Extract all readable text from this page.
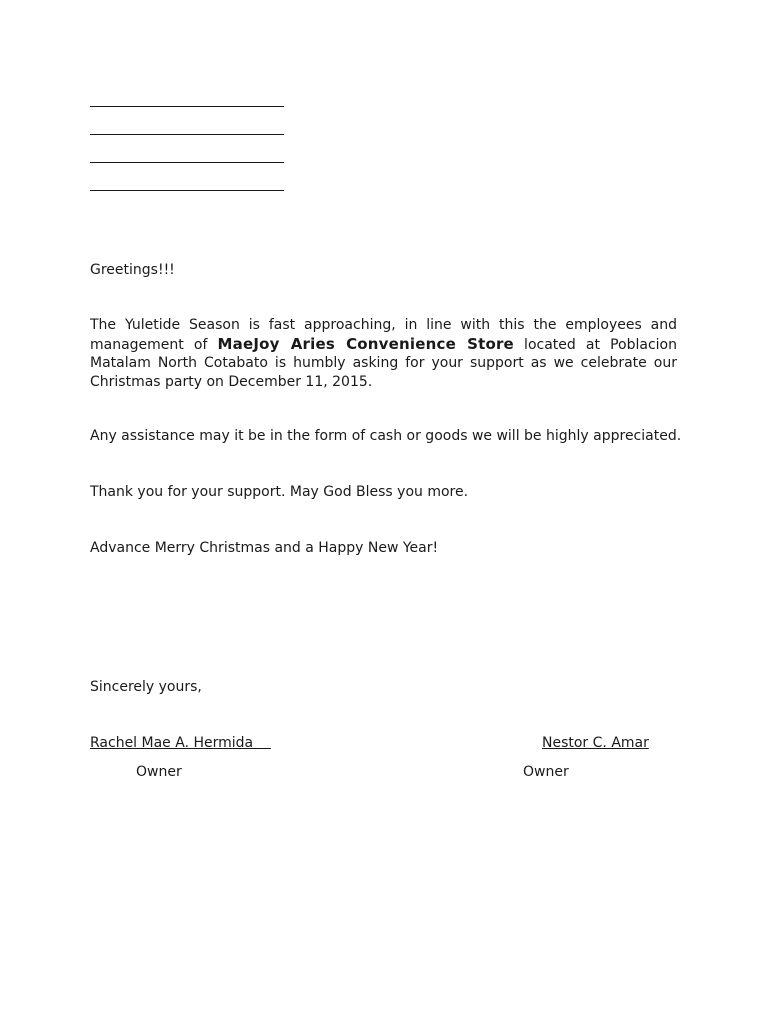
Greetings!!!
The Yuletide Season is fast approaching, in line with this the employees and management of MaeJoy Aries Convenience Store located at Poblacion Matalam North Cotabato is humbly asking for your support as we celebrate our Christmas party on December 11, 2015.
Any assistance may it be in the form of cash or goods we will be highly appreciated.
Thank you for your support. May God Bless you more.
Advance Merry Christmas and a Happy New Year!
Sincerely yours,
Rachel Mae A. Hermida
Owner
Nestor C. Amar
Owner
